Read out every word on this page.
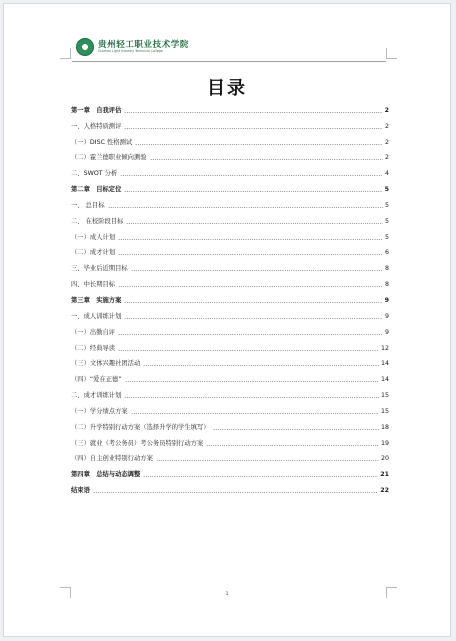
贵州轻工职业技术学院
Guizhou Light Industry Technical College
目录
第一章　自我评估	2
一、人格特质测评	2
（一）DISC 性格测试	2
（二）霍兰德职业倾向测验	2
二、SWOT 分析	4
第二章　目标定位	5
一、 总目标	5
二、 在校阶段目标	5
（一）成人计划	5
（二）成才计划	6
三、毕业后近期目标	8
四、中长期目标	8
第三章　实施方案	9
一、成人训练计划	9
（一）出勤自评	9
（二）经典导读	12
（三）文体兴趣社团活动	14
（四）“爱在正德”	14
二、成才训练计划	15
（一）学分绩点方案	15
（二）升学特别行动方案（选择升学的学生填写）	18
（三）就业（考公务员）考公务员特别行动方案	19
（四）自主创业特别行动方案	20
第四章　总结与动态调整	21
结束语	22
1
